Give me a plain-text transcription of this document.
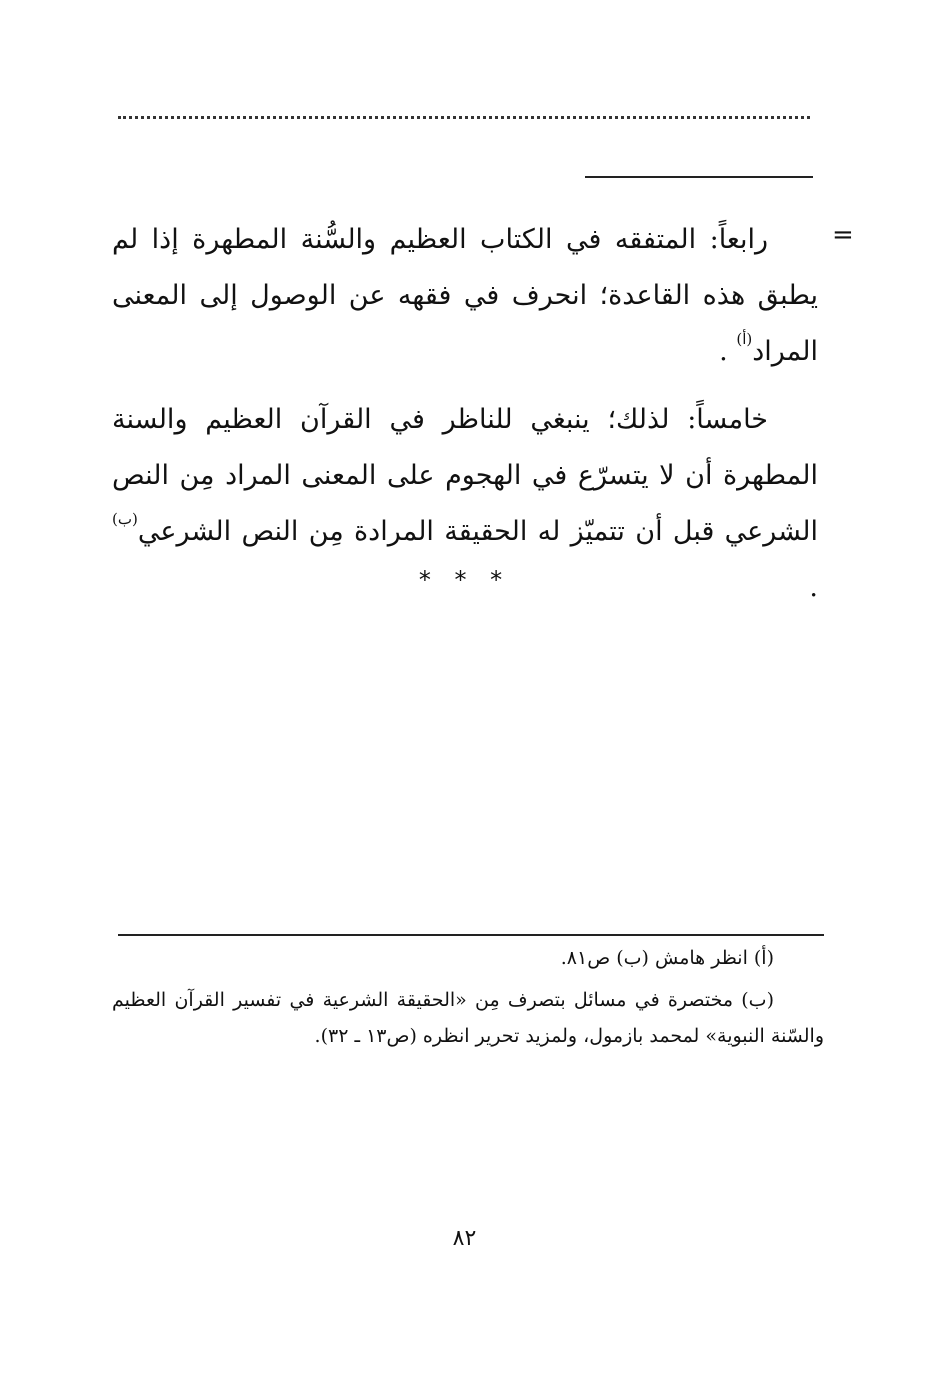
=

رابعاً: المتفقه في الكتاب العظيم والسُّنة المطهرة إذا لم يطبق هذه القاعدة؛ انحرف في فقهه عن الوصول إلى المعنى المراد$^{(أ)}$ .

خامساً: لذلك؛ ينبغي للناظر في القرآن العظيم والسنة المطهرة أن لا يتسرّع في الهجوم على المعنى المراد مِن النص الشرعي قبل أن تتميّز له الحقيقة المرادة مِن النص الشرعي$^{(ب)}$ .

* * *

(أ) انظر هامش (ب) ص٨١.

(ب) مختصرة في مسائل بتصرف مِن «الحقيقة الشرعية في تفسير القرآن العظيم والسّنة النبوية» لمحمد بازمول، ولمزيد تحرير انظره (ص١٣ ـ ٣٢).

٨٢
